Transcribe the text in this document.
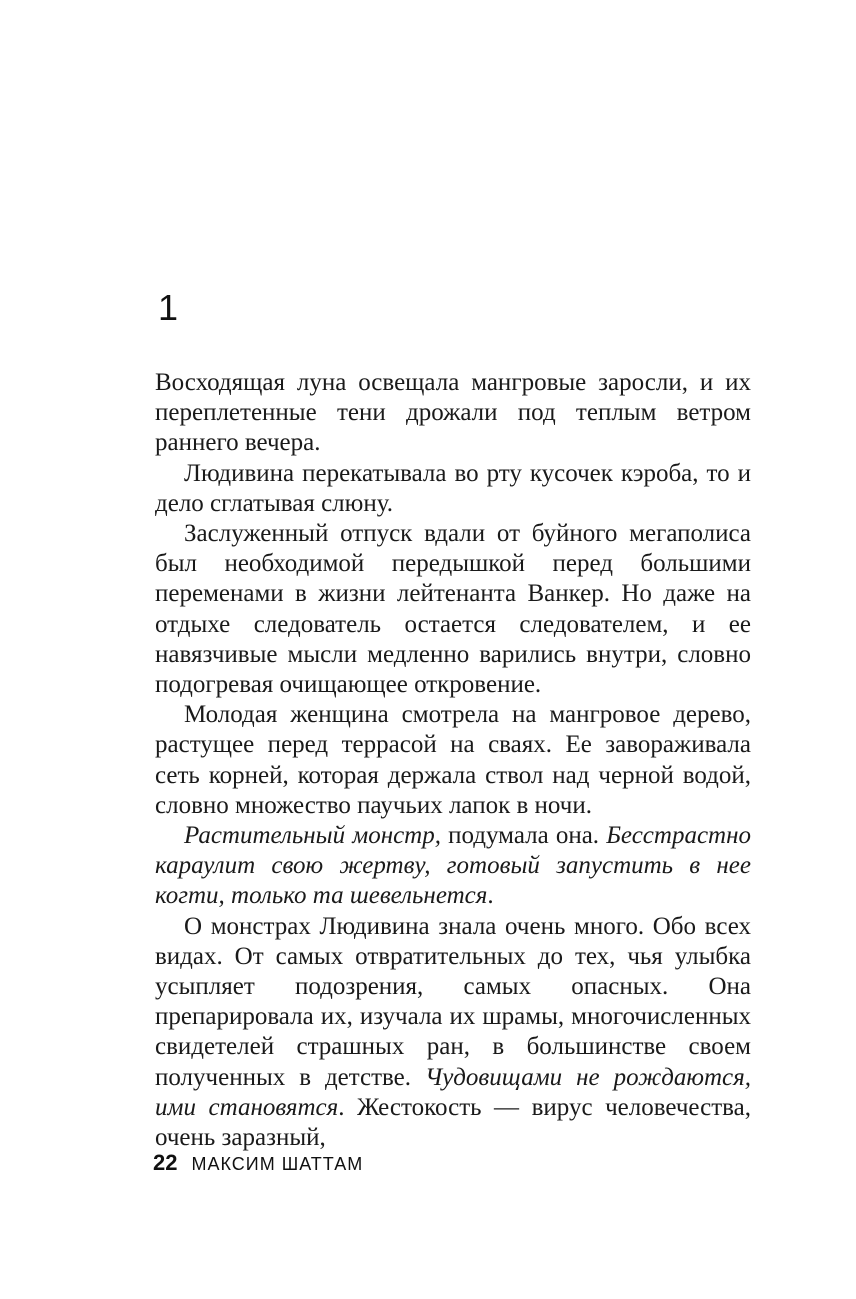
1

Восходящая луна освещала мангровые заросли, и их переплетенные тени дрожали под теплым ветром раннего вечера.

Людивина перекатывала во рту кусочек кэроба, то и дело сглатывая слюну.

Заслуженный отпуск вдали от буйного мегаполиса был необходимой передышкой перед большими переменами в жизни лейтенанта Ванкер. Но даже на отдыхе следователь остается следователем, и ее навязчивые мысли медленно варились внутри, словно подогревая очищающее откровение.

Молодая женщина смотрела на мангровое дерево, растущее перед террасой на сваях. Ее завораживала сеть корней, которая держала ствол над черной водой, словно множество паучьих лапок в ночи.

Растительный монстр, подумала она. Бесстрастно караулит свою жертву, готовый запустить в нее когти, только та шевельнется.

О монстрах Людивина знала очень много. Обо всех видах. От самых отвратительных до тех, чья улыбка усыпляет подозрения, самых опасных. Она препарировала их, изучала их шрамы, многочисленных свидетелей страшных ран, в большинстве своем полученных в детстве. Чудовищами не рождаются, ими становятся. Жестокость — вирус человечества, очень заразный,

22 МАКСИМ ШАТТАМ
